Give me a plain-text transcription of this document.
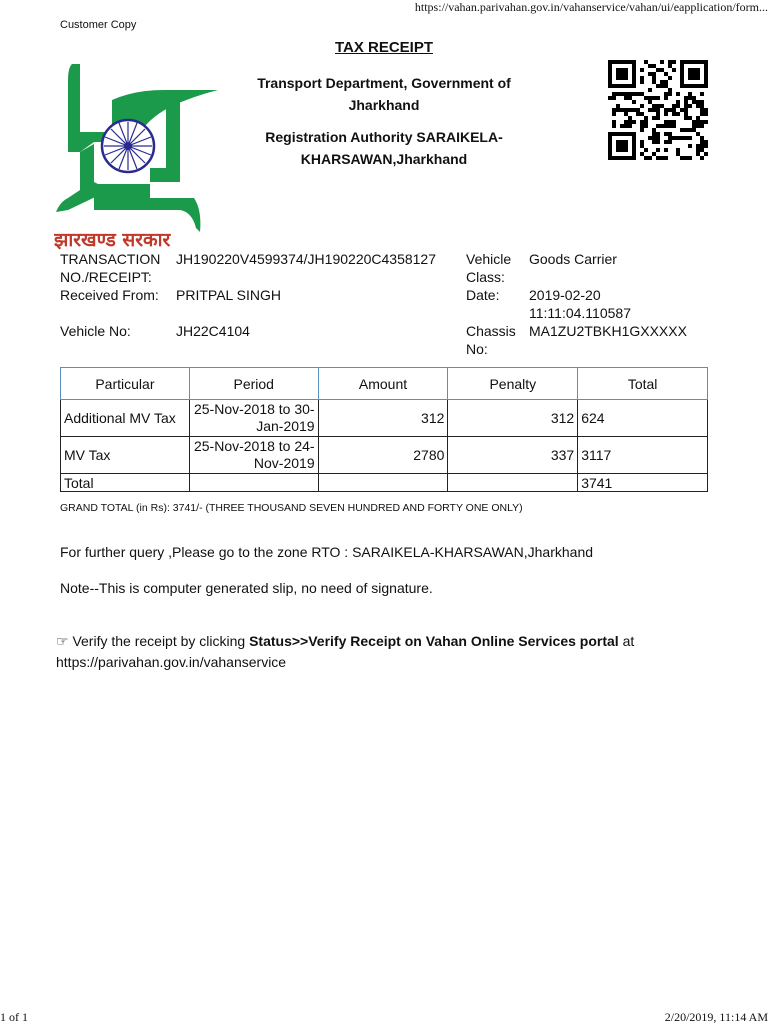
https://vahan.parivahan.gov.in/vahanservice/vahan/ui/eapplication/form...
1 of 1	2/20/2019, 11:14 AM
Customer Copy
TAX RECEIPT
Transport Department, Government of Jharkhand
Registration Authority SARAIKELA-KHARSAWAN,Jharkhand
झारखण्ड सरकार
TRANSACTION NO./RECEIPT:
JH190220V4599374/JH190220C4358127 Vehicle Class:
Goods Carrier
Received From: PRITPAL SINGH	Date: 2019-02-20 11:11:04.110587
Vehicle No:	JH22C4104	Chassis No:
MA1ZU2TBKH1GXXXXX
Particular	Period	Amount	Penalty	Total
Additional MV Tax	25-Nov-2018 to 30-Jan-2019	312	312	624
MV Tax	25-Nov-2018 to 24-Nov-2019	2780	337	3117
Total				3741
GRAND TOTAL (in Rs): 3741/- (THREE THOUSAND SEVEN HUNDRED AND FORTY ONE ONLY)
For further query ,Please go to the zone RTO : SARAIKELA-KHARSAWAN,Jharkhand
Note--This is computer generated slip, no need of signature.
☞ Verify the receipt by clicking Status>>Verify Receipt on Vahan Online Services portal at
https://parivahan.gov.in/vahanservice
